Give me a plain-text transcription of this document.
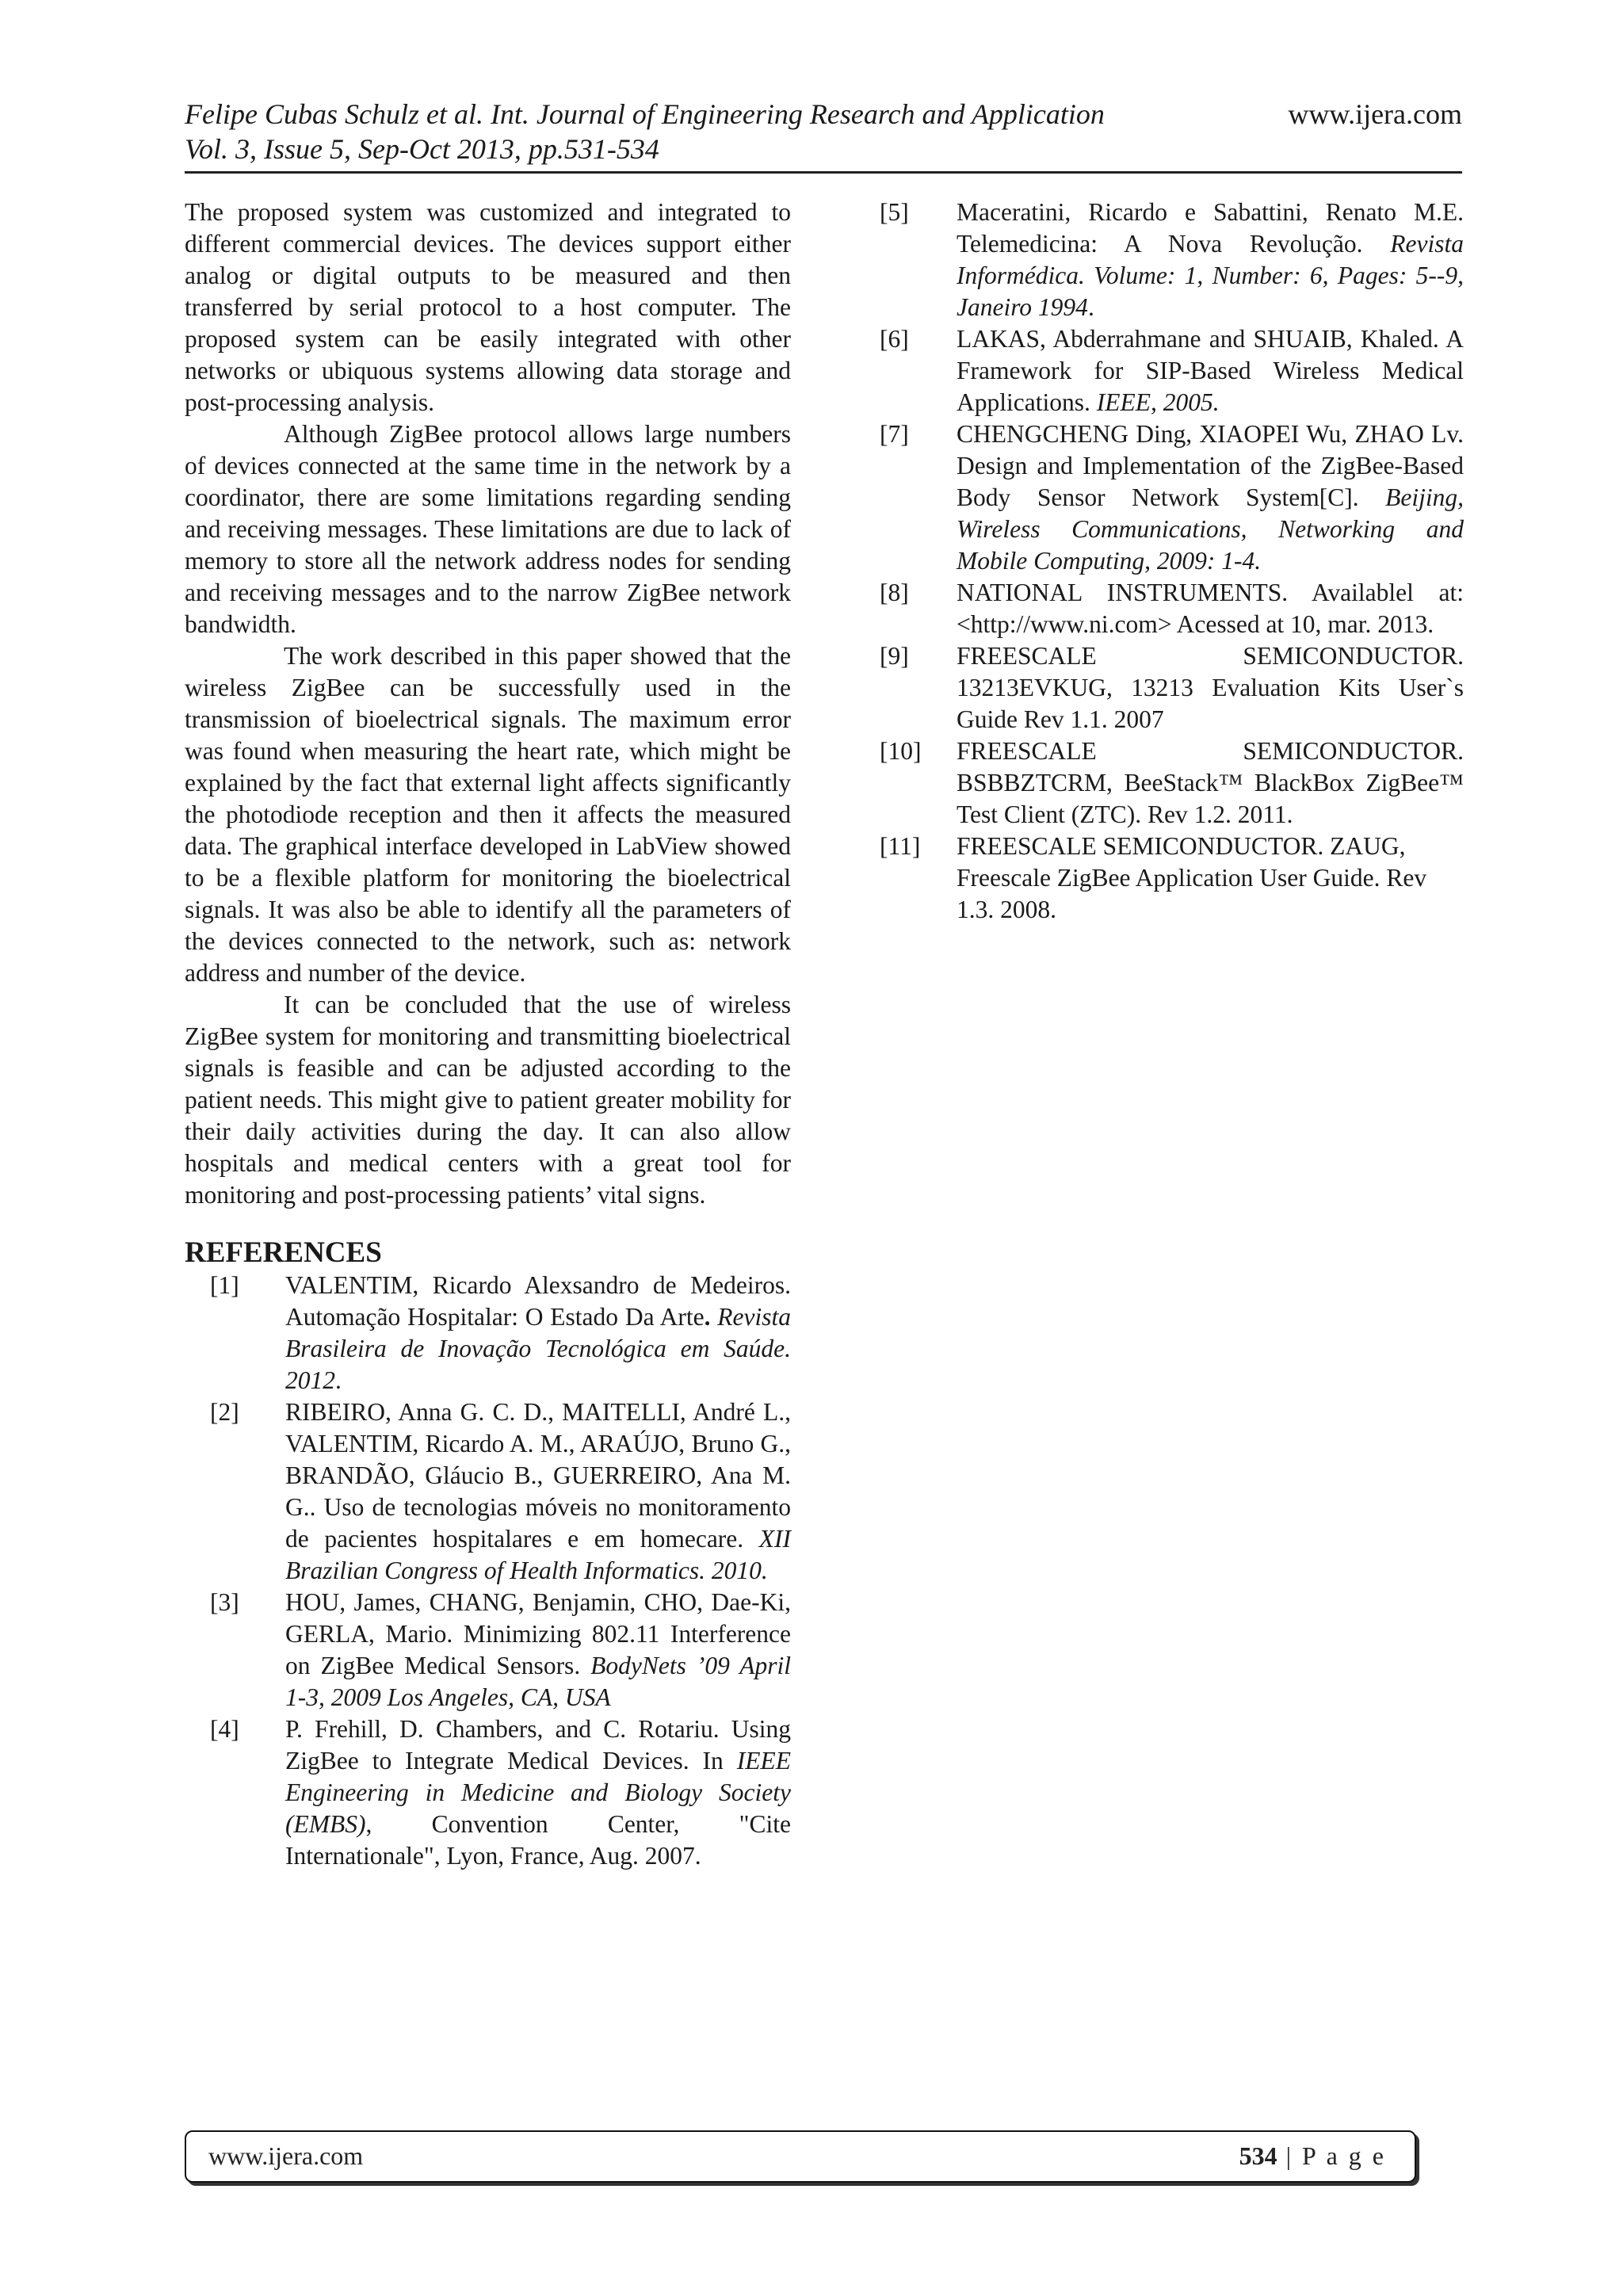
Felipe Cubas Schulz et al. Int. Journal of Engineering Research and Application	www.ijera.com
Vol. 3, Issue 5, Sep-Oct 2013, pp.531-534

The proposed system was customized and integrated to different commercial devices. The devices support either analog or digital outputs to be measured and then transferred by serial protocol to a host computer. The proposed system can be easily integrated with other networks or ubiquous systems allowing data storage and post-processing analysis.

Although ZigBee protocol allows large numbers of devices connected at the same time in the network by a coordinator, there are some limitations regarding sending and receiving messages. These limitations are due to lack of memory to store all the network address nodes for sending and receiving messages and to the narrow ZigBee network bandwidth.

The work described in this paper showed that the wireless ZigBee can be successfully used in the transmission of bioelectrical signals. The maximum error was found when measuring the heart rate, which might be explained by the fact that external light affects significantly the photodiode reception and then it affects the measured data. The graphical interface developed in LabView showed to be a flexible platform for monitoring the bioelectrical signals. It was also be able to identify all the parameters of the devices connected to the network, such as: network address and number of the device.

It can be concluded that the use of wireless ZigBee system for monitoring and transmitting bioelectrical signals is feasible and can be adjusted according to the patient needs. This might give to patient greater mobility for their daily activities during the day. It can also allow hospitals and medical centers with a great tool for monitoring and post-processing patients’ vital signs.

REFERENCES
[1]	VALENTIM, Ricardo Alexsandro de Medeiros. Automação Hospitalar: O Estado Da Arte. Revista Brasileira de Inovação Tecnológica em Saúde. 2012.
[2]	RIBEIRO, Anna G. C. D., MAITELLI, André L., VALENTIM, Ricardo A. M., ARAÚJO, Bruno G., BRANDÃO, Gláucio B., GUERREIRO, Ana M. G.. Uso de tecnologias móveis no monitoramento de pacientes hospitalares e em homecare. XII Brazilian Congress of Health Informatics. 2010.
[3]	HOU, James, CHANG, Benjamin, CHO, Dae-Ki, GERLA, Mario. Minimizing 802.11 Interference on ZigBee Medical Sensors. BodyNets ’09 April 1-3, 2009 Los Angeles, CA, USA
[4]	P. Frehill, D. Chambers, and C. Rotariu. Using ZigBee to Integrate Medical Devices. In IEEE Engineering in Medicine and Biology Society (EMBS), Convention Center, "Cite Internationale", Lyon, France, Aug. 2007.
[5]	Maceratini, Ricardo e Sabattini, Renato M.E. Telemedicina: A Nova Revolução. Revista Informédica. Volume: 1, Number: 6, Pages: 5--9, Janeiro 1994.
[6]	LAKAS, Abderrahmane and SHUAIB, Khaled. A Framework for SIP-Based Wireless Medical Applications. IEEE, 2005.
[7]	CHENGCHENG Ding, XIAOPEI Wu, ZHAO Lv. Design and Implementation of the ZigBee-Based Body Sensor Network System[C]. Beijing, Wireless Communications, Networking and Mobile Computing, 2009: 1-4.
[8]	NATIONAL INSTRUMENTS. Availablel at: <http://www.ni.com> Acessed at 10, mar. 2013.
[9]	FREESCALE SEMICONDUCTOR. 13213EVKUG, 13213 Evaluation Kits User`s Guide Rev 1.1. 2007
[10]	FREESCALE SEMICONDUCTOR. BSBBZTCRM, BeeStack™ BlackBox ZigBee™ Test Client (ZTC). Rev 1.2. 2011.
[11]	FREESCALE SEMICONDUCTOR. ZAUG, Freescale ZigBee Application User Guide. Rev 1.3. 2008.
www.ijera.com	534 | P a g e
